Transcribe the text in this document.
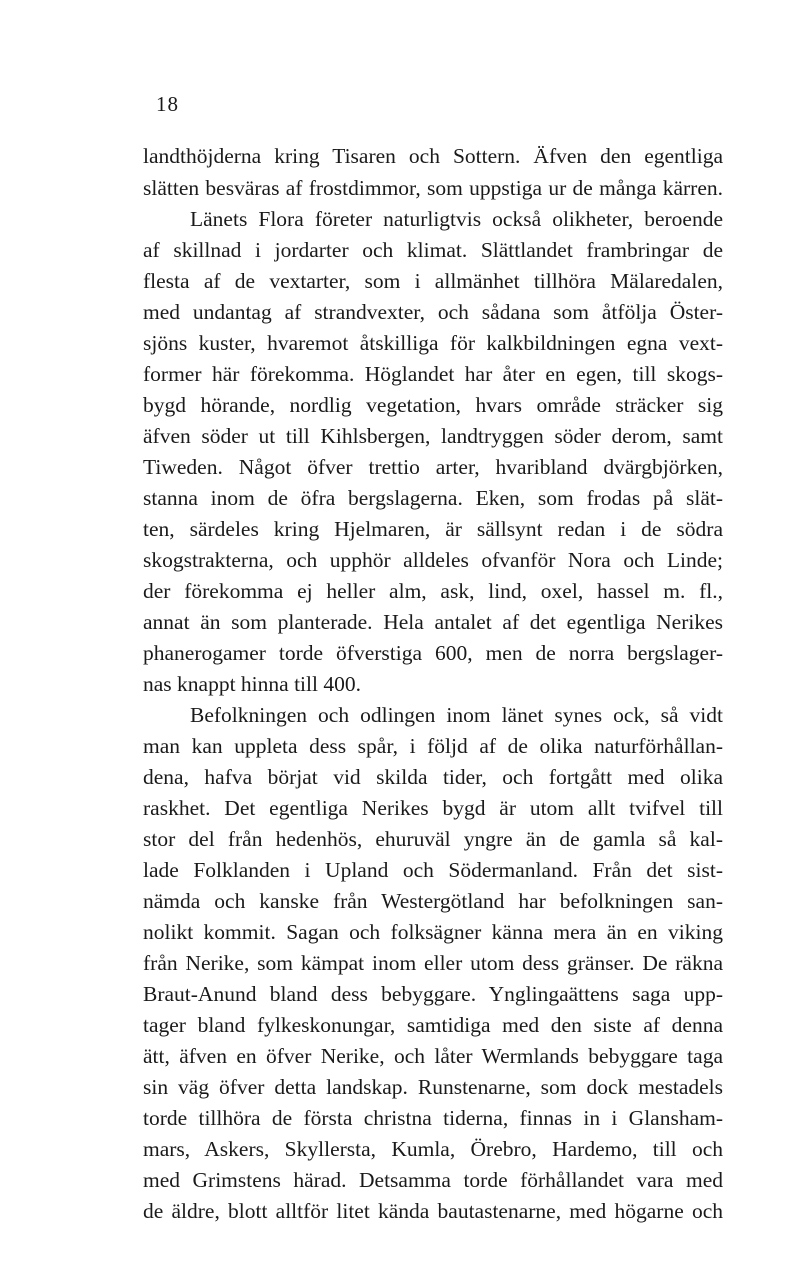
18
landthöjderna kring Tisaren och Sottern. Äfven den egentliga
slätten besväras af frostdimmor, som uppstiga ur de många kärren.
Länets Flora företer naturligtvis också olikheter, beroende
af skillnad i jordarter och klimat. Slättlandet frambringar de
flesta af de vextarter, som i allmänhet tillhöra Mälaredalen,
med undantag af strandvexter, och sådana som åtfölja Öster-
sjöns kuster, hvaremot åtskilliga för kalkbildningen egna vext-
former här förekomma. Höglandet har åter en egen, till skogs-
bygd hörande, nordlig vegetation, hvars område sträcker sig
äfven söder ut till Kihlsbergen, landtryggen söder derom, samt
Tiweden. Något öfver trettio arter, hvaribland dvärgbjörken,
stanna inom de öfra bergslagerna. Eken, som frodas på slät-
ten, särdeles kring Hjelmaren, är sällsynt redan i de södra
skogstrakterna, och upphör alldeles ofvanför Nora och Linde;
der förekomma ej heller alm, ask, lind, oxel, hassel m. fl.,
annat än som planterade. Hela antalet af det egentliga Nerikes
phanerogamer torde öfverstiga 600, men de norra bergslager-
nas knappt hinna till 400.
Befolkningen och odlingen inom länet synes ock, så vidt
man kan uppleta dess spår, i följd af de olika naturförhållan-
dena, hafva börjat vid skilda tider, och fortgått med olika
raskhet. Det egentliga Nerikes bygd är utom allt tvifvel till
stor del från hedenhös, ehuruväl yngre än de gamla så kal-
lade Folklanden i Upland och Södermanland. Från det sist-
nämda och kanske från Westergötland har befolkningen san-
nolikt kommit. Sagan och folksägner känna mera än en viking
från Nerike, som kämpat inom eller utom dess gränser. De räkna
Braut-Anund bland dess bebyggare. Ynglingaättens saga upp-
tager bland fylkeskonungar, samtidiga med den siste af denna
ätt, äfven en öfver Nerike, och låter Wermlands bebyggare taga
sin väg öfver detta landskap. Runstenarne, som dock mestadels
torde tillhöra de första christna tiderna, finnas in i Glansham-
mars, Askers, Skyllersta, Kumla, Örebro, Hardemo, till och
med Grimstens härad. Detsamma torde förhållandet vara med
de äldre, blott alltför litet kända bautastenarne, med högarne och
